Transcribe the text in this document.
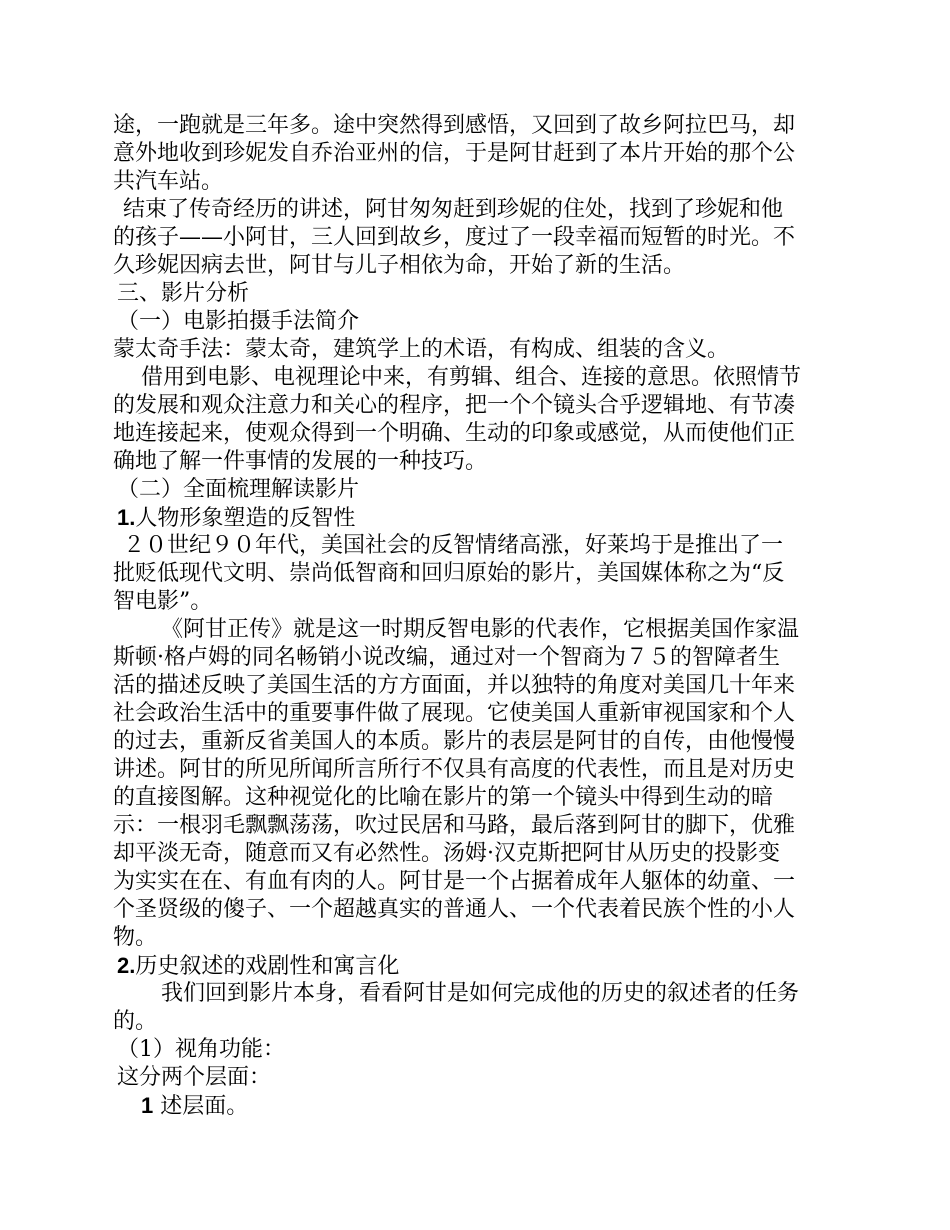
途，一跑就是三年多。途中突然得到感悟，又回到了故乡阿拉巴马，却
意外地收到珍妮发自乔治亚州的信，于是阿甘赶到了本片开始的那个公
共汽车站。
结束了传奇经历的讲述，阿甘匆匆赶到珍妮的住处，找到了珍妮和他
的孩子——小阿甘，三人回到故乡，度过了一段幸福而短暂的时光。不
久珍妮因病去世，阿甘与儿子相依为命，开始了新的生活。
三、影片分析
（一）电影拍摄手法简介
蒙太奇手法：蒙太奇，建筑学上的术语，有构成、组装的含义。
借用到电影、电视理论中来，有剪辑、组合、连接的意思。依照情节
的发展和观众注意力和关心的程序，把一个个镜头合乎逻辑地、有节凑
地连接起来，使观众得到一个明确、生动的印象或感觉，从而使他们正
确地了解一件事情的发展的一种技巧。
（二）全面梳理解读影片
1.人物形象塑造的反智性
２０世纪９０年代，美国社会的反智情绪高涨，好莱坞于是推出了一
批贬低现代文明、崇尚低智商和回归原始的影片，美国媒体称之为“反
智电影”。
《阿甘正传》就是这一时期反智电影的代表作，它根据美国作家温
斯顿·格卢姆的同名畅销小说改编，通过对一个智商为７５的智障者生
活的描述反映了美国生活的方方面面，并以独特的角度对美国几十年来
社会政治生活中的重要事件做了展现。它使美国人重新审视国家和个人
的过去，重新反省美国人的本质。影片的表层是阿甘的自传，由他慢慢
讲述。阿甘的所见所闻所言所行不仅具有高度的代表性，而且是对历史
的直接图解。这种视觉化的比喻在影片的第一个镜头中得到生动的暗
示：一根羽毛飘飘荡荡，吹过民居和马路，最后落到阿甘的脚下，优雅
却平淡无奇，随意而又有必然性。汤姆·汉克斯把阿甘从历史的投影变
为实实在在、有血有肉的人。阿甘是一个占据着成年人躯体的幼童、一
个圣贤级的傻子、一个超越真实的普通人、一个代表着民族个性的小人
物。
2.历史叙述的戏剧性和寓言化
我们回到影片本身，看看阿甘是如何完成他的历史的叙述者的任务
的。
（1）视角功能：
这分两个层面：
1 述层面。
